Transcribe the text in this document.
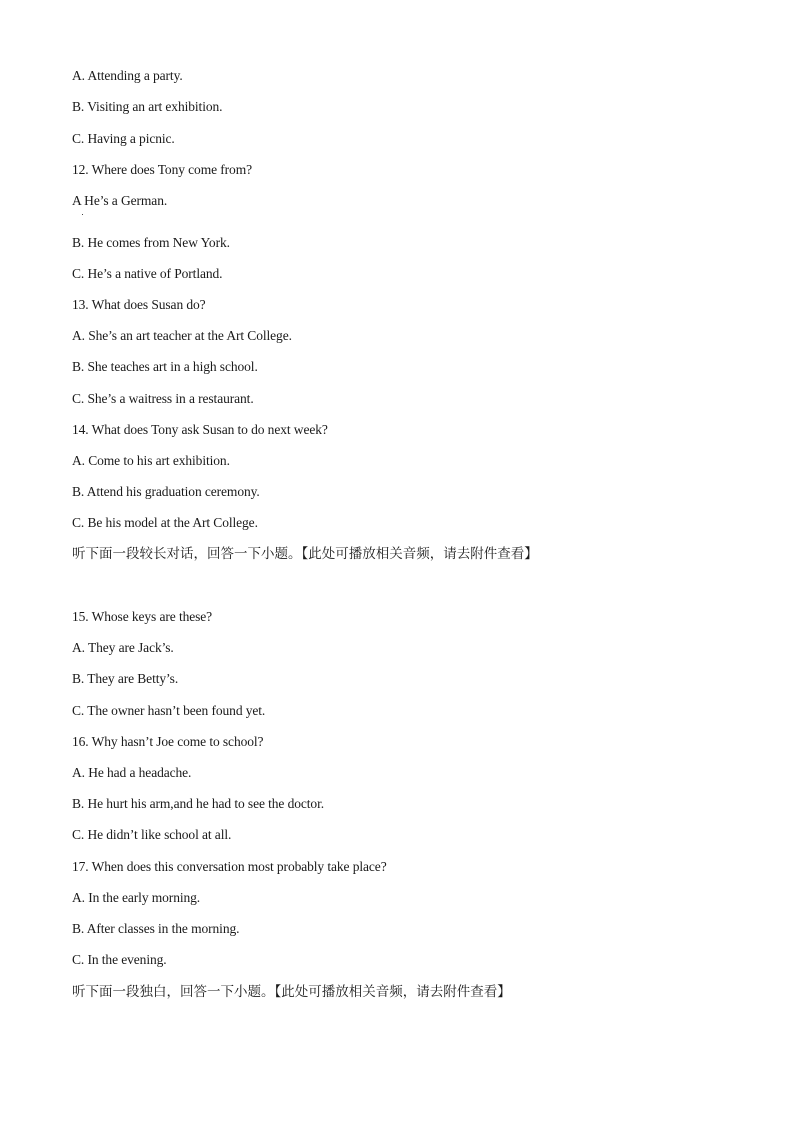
A. Attending a party.
B. Visiting an art exhibition.
C. Having a picnic.
12. Where does Tony come from?
A He’s a German.
B. He comes from New York.
C. He’s a native of Portland.
13. What does Susan do?
A. She’s an art teacher at the Art College.
B. She teaches art in a high school.
C. She’s a waitress in a restaurant.
14. What does Tony ask Susan to do next week?
A. Come to his art exhibition.
B. Attend his graduation ceremony.
C. Be his model at the Art College.
听下面一段较长对话，回答一下小题。【此处可播放相关音频，请去附件查看】
15. Whose keys are these?
A. They are Jack’s.
B. They are Betty’s.
C. The owner hasn’t been found yet.
16. Why hasn’t Joe come to school?
A. He had a headache.
B. He hurt his arm,and he had to see the doctor.
C. He didn’t like school at all.
17. When does this conversation most probably take place?
A. In the early morning.
B. After classes in the morning.
C. In the evening.
听下面一段独白，回答一下小题。【此处可播放相关音频，请去附件查看】
